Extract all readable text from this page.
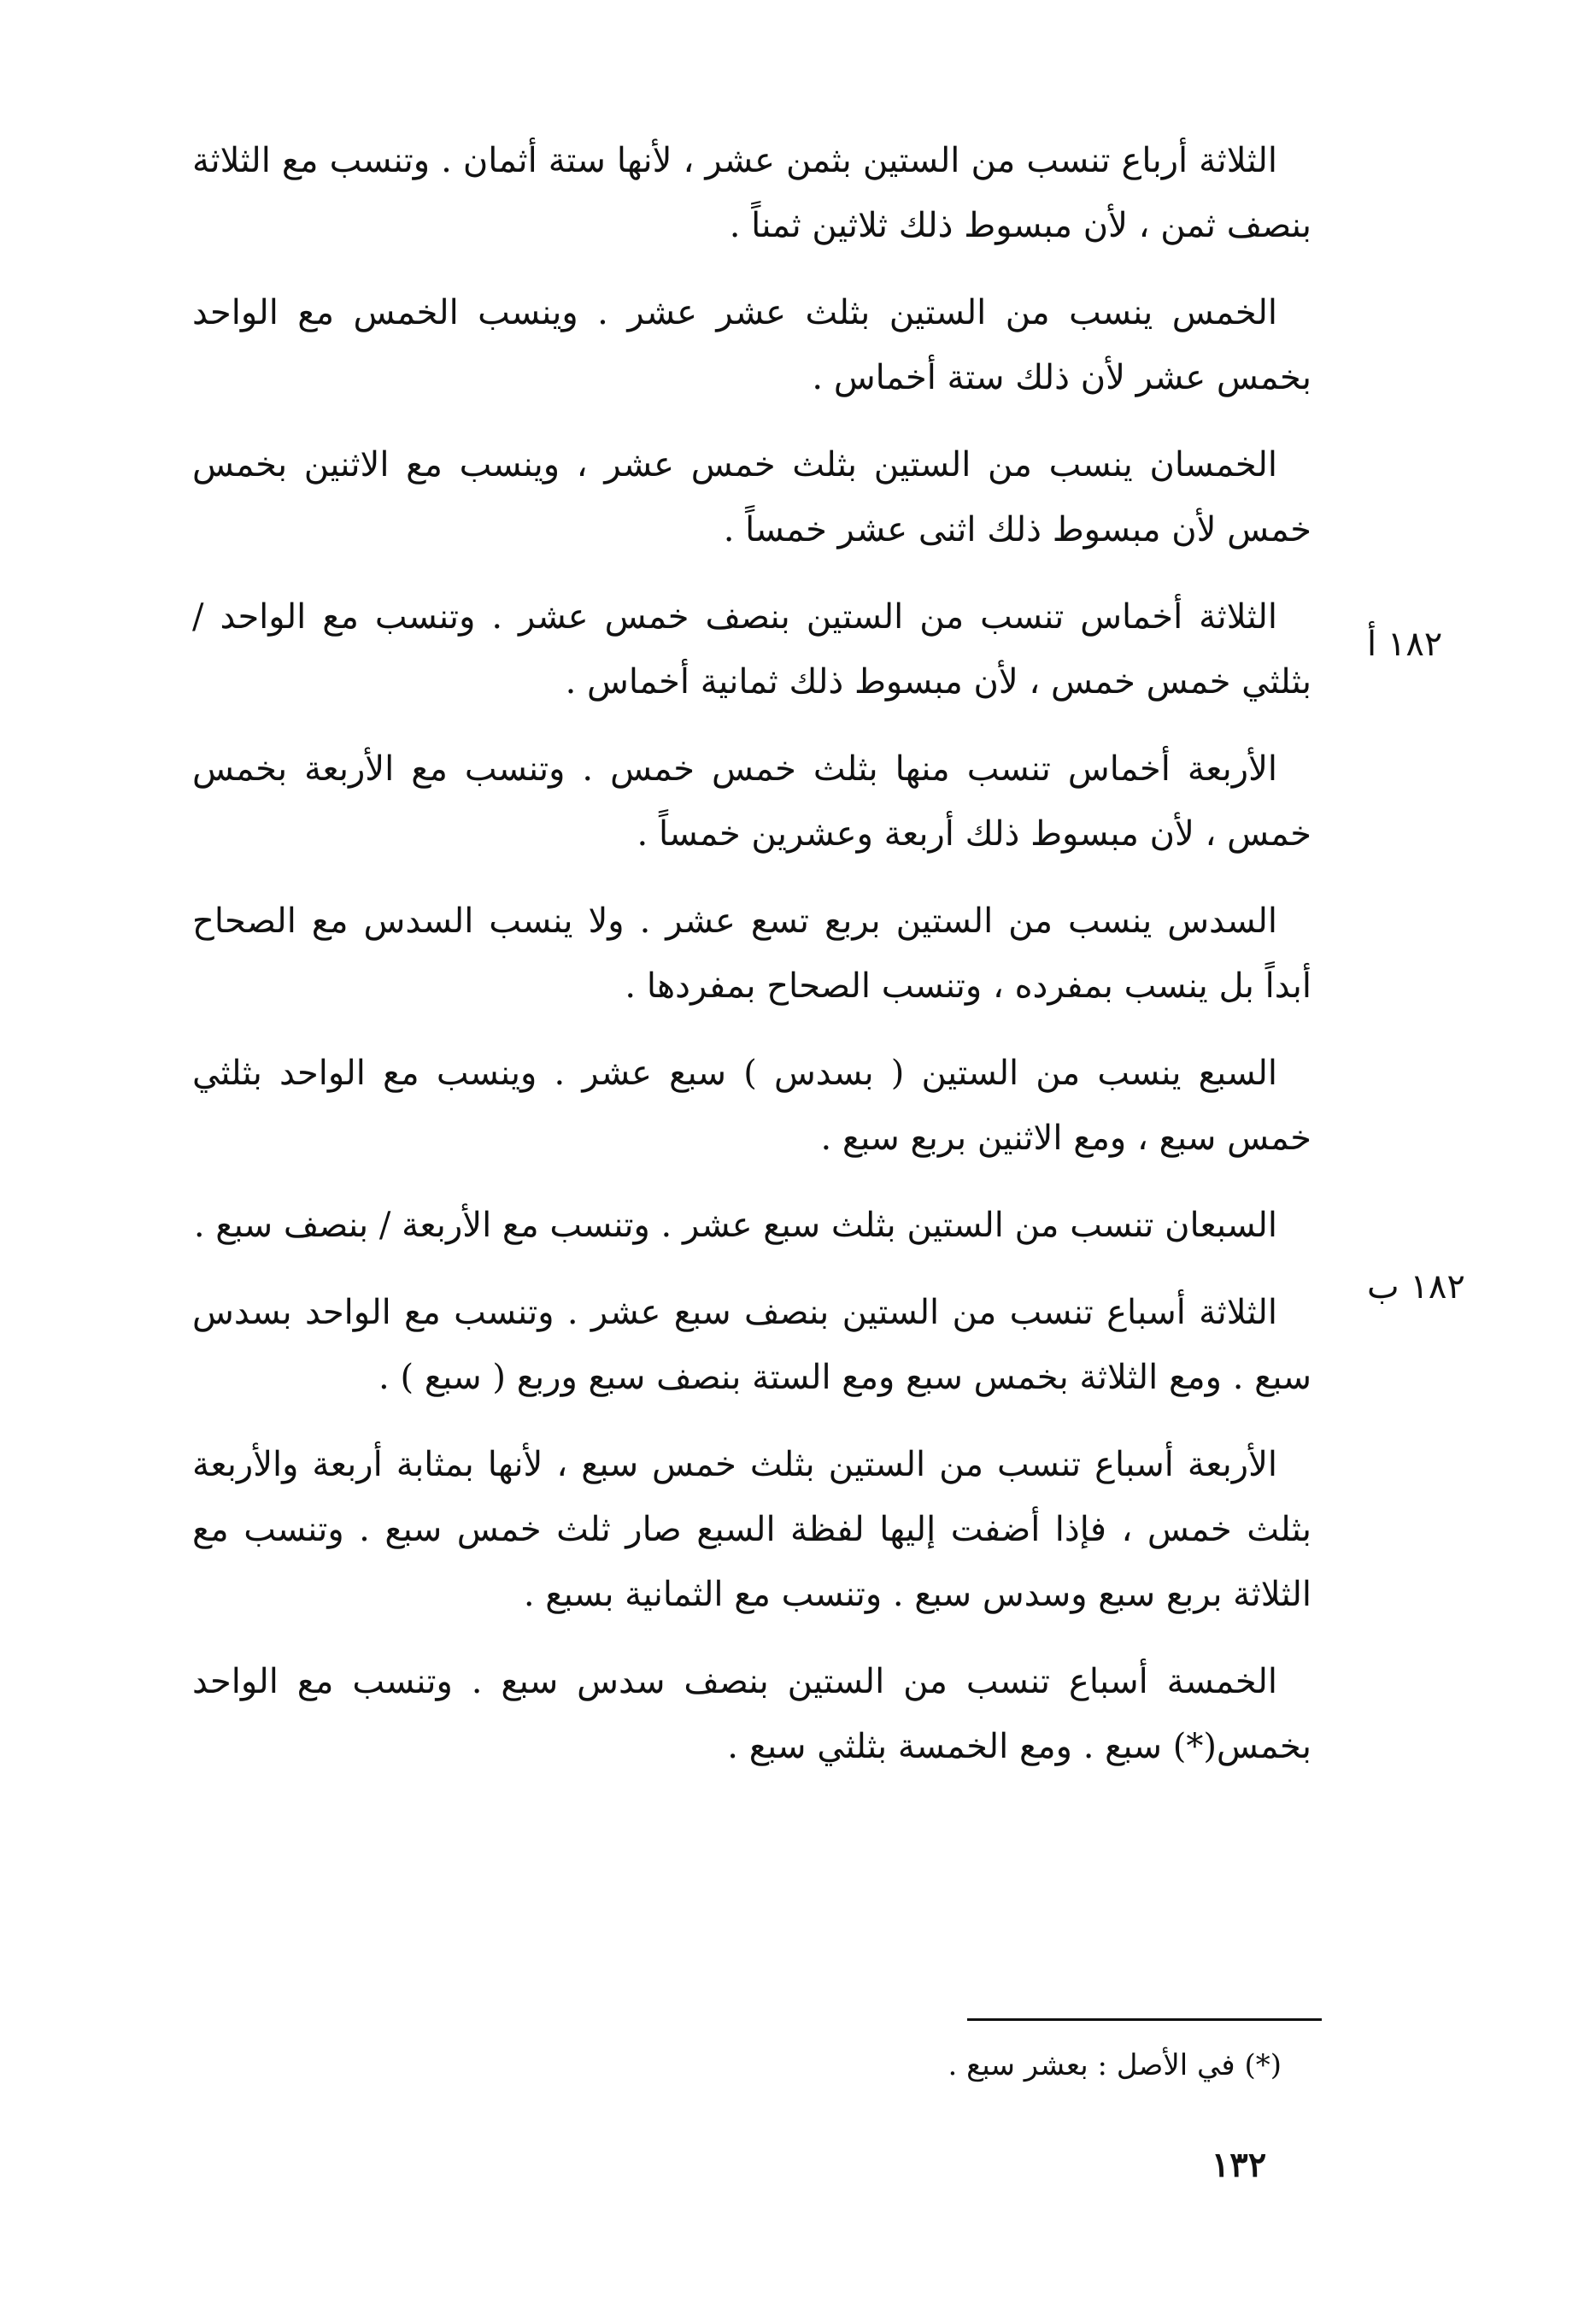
الثلاثة أرباع تنسب من الستين بثمن عشر ، لأنها ستة أثمان . وتنسب مع الثلاثة بنصف ثمن ، لأن مبسوط ذلك ثلاثين ثمناً .

الخمس ينسب من الستين بثلث عشر عشر . وينسب الخمس مع الواحد بخمس عشر لأن ذلك ستة أخماس .

الخمسان ينسب من الستين بثلث خمس عشر ، وينسب مع الاثنين بخمس خمس لأن مبسوط ذلك اثنى عشر خمساً .

الثلاثة أخماس تنسب من الستين بنصف خمس عشر . وتنسب مع الواحد / بثلثي خمس خمس ، لأن مبسوط ذلك ثمانية أخماس .

الأربعة أخماس تنسب منها بثلث خمس خمس . وتنسب مع الأربعة بخمس خمس ، لأن مبسوط ذلك أربعة وعشرين خمساً .

السدس ينسب من الستين بربع تسع عشر . ولا ينسب السدس مع الصحاح أبداً بل ينسب بمفرده ، وتنسب الصحاح بمفردها .

السبع ينسب من الستين ( بسدس ) سبع عشر . وينسب مع الواحد بثلثي خمس سبع ، ومع الاثنين بربع سبع .

السبعان تنسب من الستين بثلث سبع عشر . وتنسب مع الأربعة / بنصف سبع .

الثلاثة أسباع تنسب من الستين بنصف سبع عشر . وتنسب مع الواحد بسدس سبع . ومع الثلاثة بخمس سبع ومع الستة بنصف سبع وربع ( سبع ) .

الأربعة أسباع تنسب من الستين بثلث خمس سبع ، لأنها بمثابة أربعة والأربعة بثلث خمس ، فإذا أضفت إليها لفظة السبع صار ثلث خمس سبع . وتنسب مع الثلاثة بربع سبع وسدس سبع . وتنسب مع الثمانية بسبع .

الخمسة أسباع تنسب من الستين بنصف سدس سبع . وتنسب مع الواحد بخمس(*) سبع . ومع الخمسة بثلثي سبع .

١٨٢ أ
١٨٢ ب
(*) في الأصل : بعشر سبع .
١٣٢
